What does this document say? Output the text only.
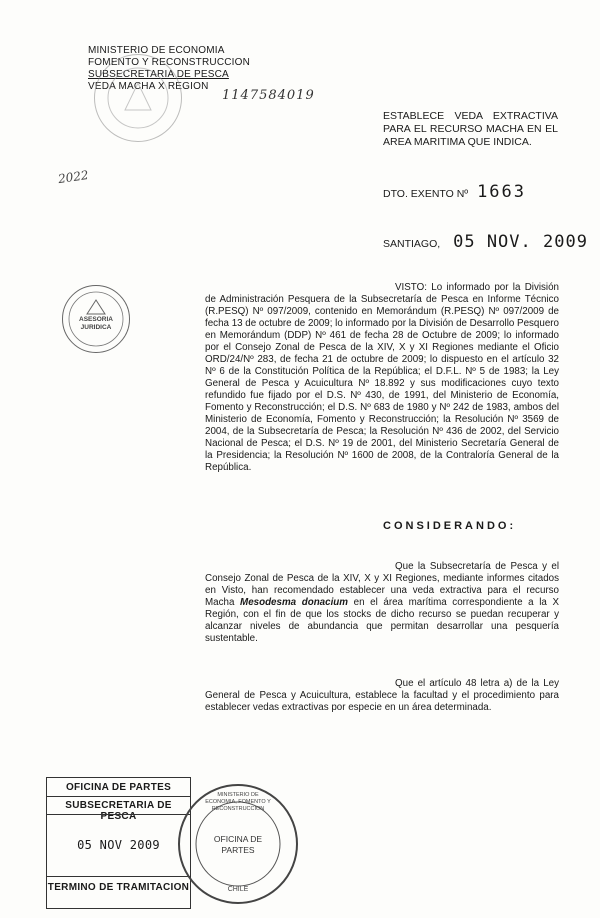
MINISTERIO DE ECONOMIA
FOMENTO Y RECONSTRUCCION
SUBSECRETARIA DE PESCA
VEDA MACHA X REGION
1147584019
2022
ESTABLECE VEDA EXTRACTIVA PARA EL RECURSO MACHA EN EL AREA MARITIMA QUE INDICA.
DTO. EXENTO Nº 1663
SANTIAGO, 05 NOV. 2009
ASESORIA JURIDICA
VISTO: Lo informado por la División de Administración Pesquera de la Subsecretaría de Pesca en Informe Técnico (R.PESQ) Nº 097/2009, contenido en Memorándum (R.PESQ) Nº 097/2009 de fecha 13 de octubre de 2009; lo informado por la División de Desarrollo Pesquero en Memorándum (DDP) Nº 461 de fecha 28 de Octubre de 2009; lo informado por el Consejo Zonal de Pesca de la XIV, X y XI Regiones mediante el Oficio ORD/24/Nº 283, de fecha 21 de octubre de 2009; lo dispuesto en el artículo 32 Nº 6 de la Constitución Política de la República; el D.F.L. Nº 5 de 1983; la Ley General de Pesca y Acuicultura Nº 18.892 y sus modificaciones cuyo texto refundido fue fijado por el D.S. Nº 430, de 1991, del Ministerio de Economía, Fomento y Reconstrucción; el D.S. Nº 683 de 1980 y Nº 242 de 1983, ambos del Ministerio de Economía, Fomento y Reconstrucción; la Resolución Nº 3569 de 2004, de la Subsecretaría de Pesca; la Resolución Nº 436 de 2002, del Servicio Nacional de Pesca; el D.S. Nº 19 de 2001, del Ministerio Secretaría General de la Presidencia; la Resolución Nº 1600 de 2008, de la Contraloría General de la República.
CONSIDERANDO:
Que la Subsecretaría de Pesca y el Consejo Zonal de Pesca de la XIV, X y XI Regiones, mediante informes citados en Visto, han recomendado establecer una veda extractiva para el recurso Macha Mesodesma donacium en el área marítima correspondiente a la X Región, con el fin de que los stocks de dicho recurso se puedan recuperar y alcanzar niveles de abundancia que permitan desarrollar una pesquería sustentable.
Que el artículo 48 letra a) de la Ley General de Pesca y Acuicultura, establece la facultad y el procedimiento para establecer vedas extractivas por especie en un área determinada.
OFICINA DE PARTES
SUBSECRETARIA DE PESCA
05 NOV 2009
TERMINO DE TRAMITACION
MINISTERIO DE ECONOMIA, FOMENTO Y RECONSTRUCCION
OFICINA DE PARTES
CHILE
